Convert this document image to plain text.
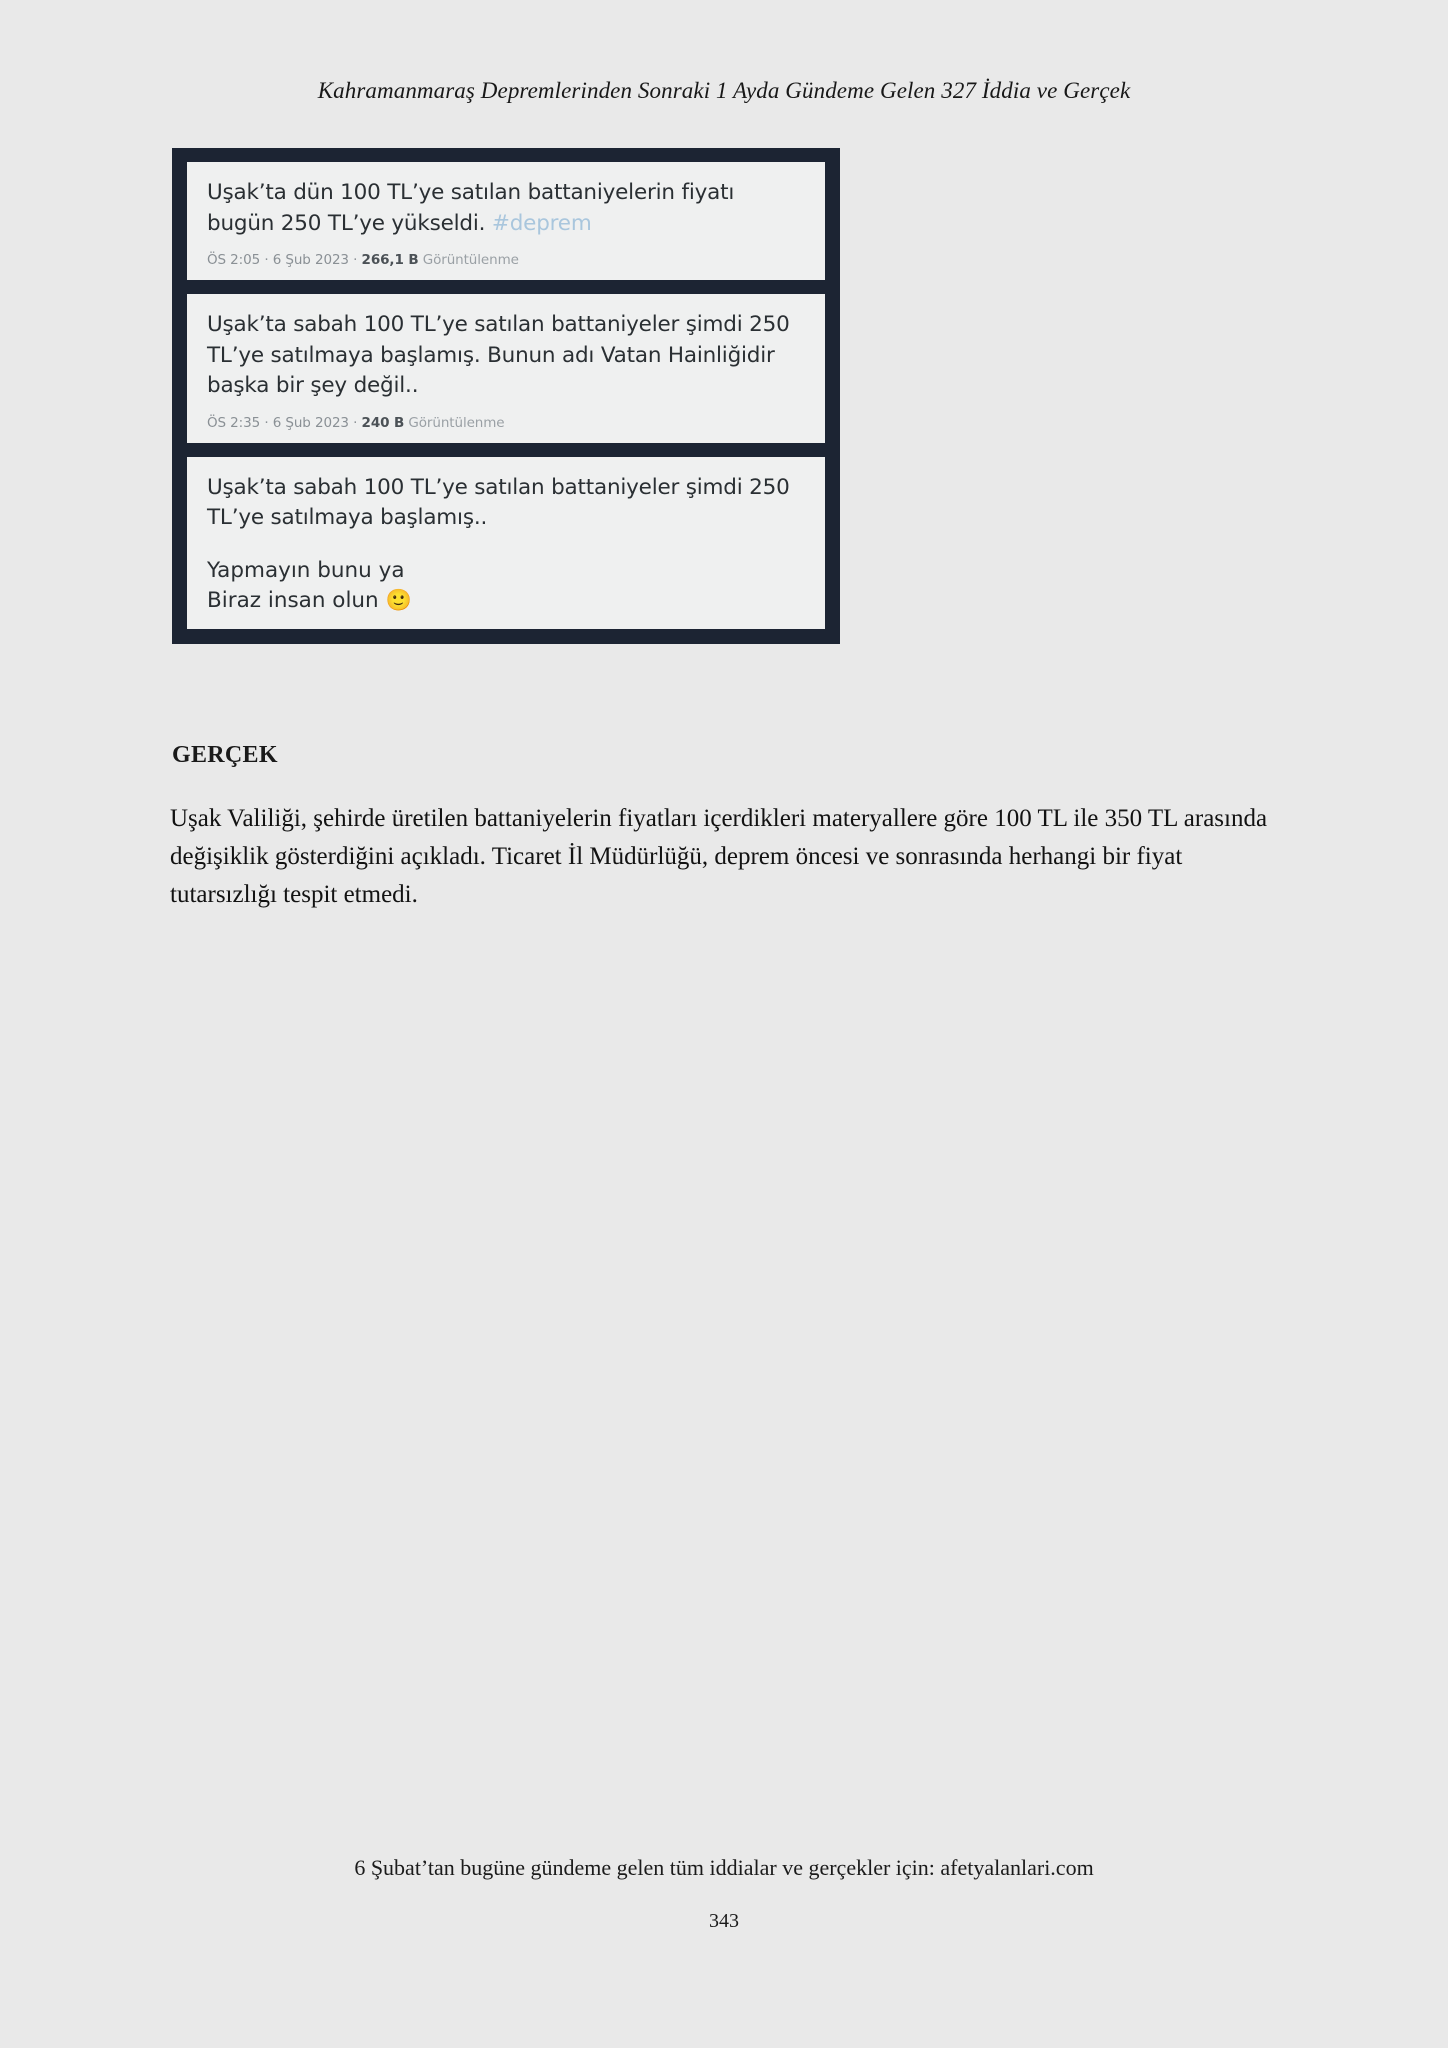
Kahramanmaraş Depremlerinden Sonraki 1 Ayda Gündeme Gelen 327 İddia ve Gerçek
Uşak’ta dün 100 TL’ye satılan battaniyelerin fiyatı bugün 250 TL’ye yükseldi. #deprem
ÖS 2:05 · 6 Şub 2023 · 266,1 B Görüntülenme
Uşak’ta sabah 100 TL’ye satılan battaniyeler şimdi 250 TL’ye satılmaya başlamış. Bunun adı Vatan Hainliğidir başka bir şey değil..
ÖS 2:35 · 6 Şub 2023 · 240 B Görüntülenme
Uşak’ta sabah 100 TL’ye satılan battaniyeler şimdi 250 TL’ye satılmaya başlamış..
Yapmayın bunu ya
Biraz insan olun 🙂
GERÇEK
Uşak Valiliği, şehirde üretilen battaniyelerin fiyatları içerdikleri materyallere göre 100 TL ile 350 TL arasında değişiklik gösterdiğini açıkladı. Ticaret İl Müdürlüğü, deprem öncesi ve sonrasında herhangi bir fiyat tutarsızlığı tespit etmedi.
6 Şubat’tan bugüne gündeme gelen tüm iddialar ve gerçekler için: afetyalanlari.com
343
